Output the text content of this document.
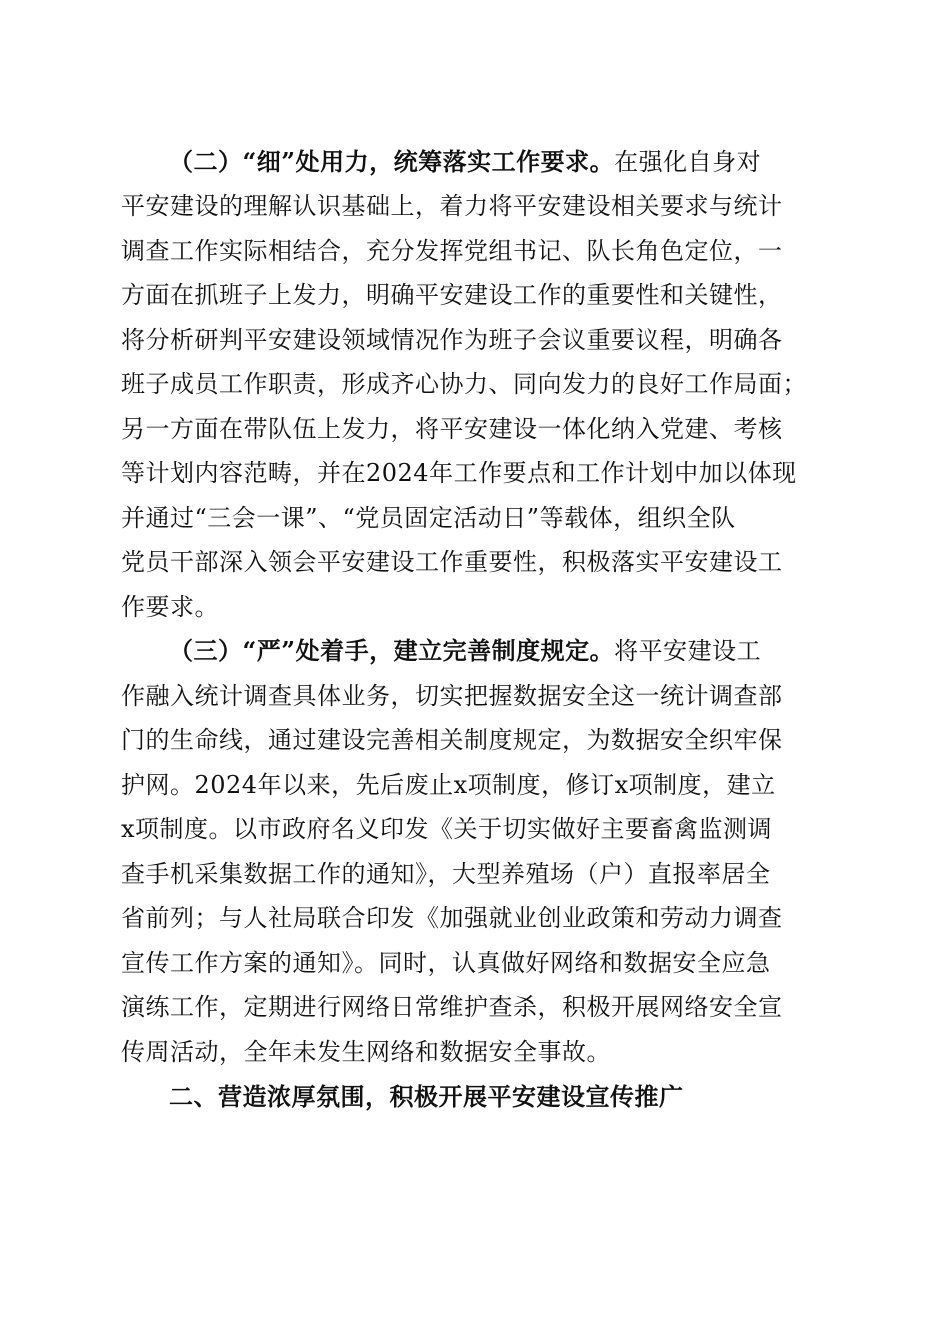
（二）“细”处用力，统筹落实工作要求。在强化自身对
平安建设的理解认识基础上，着力将平安建设相关要求与统计
调查工作实际相结合，充分发挥党组书记、队长角色定位，一
方面在抓班子上发力，明确平安建设工作的重要性和关键性，
将分析研判平安建设领域情况作为班子会议重要议程，明确各
班子成员工作职责，形成齐心协力、同向发力的良好工作局面；
另一方面在带队伍上发力，将平安建设一体化纳入党建、考核
等计划内容范畴，并在2024年工作要点和工作计划中加以体现
并通过“三会一课”、“党员固定活动日”等载体，组织全队
党员干部深入领会平安建设工作重要性，积极落实平安建设工
作要求。
（三）“严”处着手，建立完善制度规定。将平安建设工
作融入统计调查具体业务，切实把握数据安全这一统计调查部
门的生命线，通过建设完善相关制度规定，为数据安全织牢保
护网。2024年以来，先后废止x项制度，修订x项制度，建立
x项制度。以市政府名义印发《关于切实做好主要畜禽监测调
查手机采集数据工作的通知》，大型养殖场（户）直报率居全
省前列；与人社局联合印发《加强就业创业政策和劳动力调查
宣传工作方案的通知》。同时，认真做好网络和数据安全应急
演练工作，定期进行网络日常维护查杀，积极开展网络安全宣
传周活动，全年未发生网络和数据安全事故。
二、营造浓厚氛围，积极开展平安建设宣传推广
